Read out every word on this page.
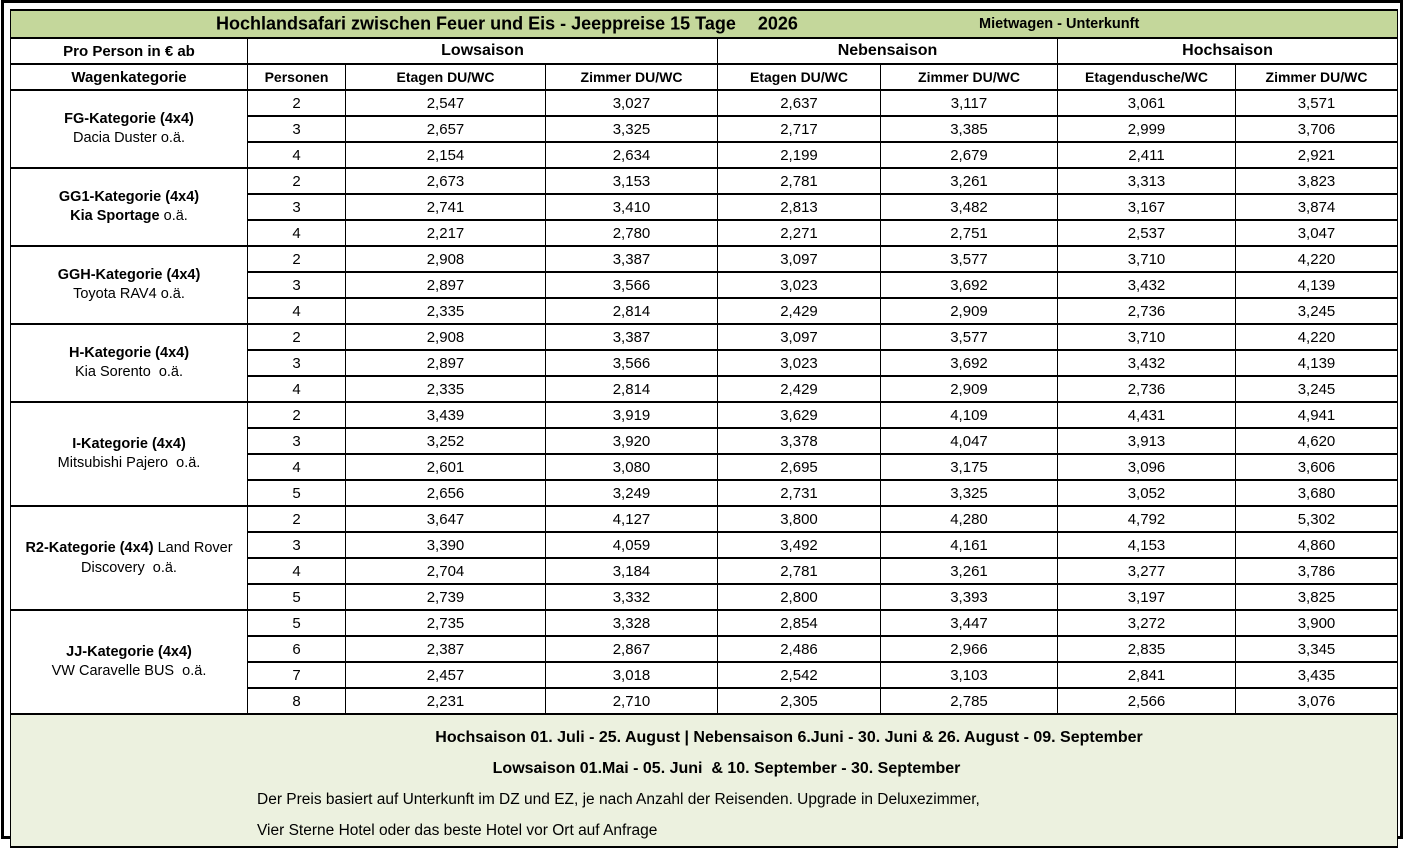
Hochlandsafari zwischen Feuer und Eis - Jeeppreise 15 Tage 2026 Mietwagen - Unterkunft							

Pro Person in € ab	Lowsaison			Nebensaison		Hochsaison	
Wagenkategorie	Personen	Etagen DU/WC	Zimmer DU/WC	Etagen DU/WC	Zimmer DU/WC	Etagendusche/WC	Zimmer DU/WC

FG-Kategorie (4x4)
Dacia Duster o.ä.	2	2,547	3,027	2,637	3,117	3,061	3,571
	3	2,657	3,325	2,717	3,385	2,999	3,706
	4	2,154	2,634	2,199	2,679	2,411	2,921

GG1-Kategorie (4x4)
Kia Sportage o.ä.	2	2,673	3,153	2,781	3,261	3,313	3,823
	3	2,741	3,410	2,813	3,482	3,167	3,874
	4	2,217	2,780	2,271	2,751	2,537	3,047

GGH-Kategorie (4x4)
Toyota RAV4 o.ä.	2	2,908	3,387	3,097	3,577	3,710	4,220
	3	2,897	3,566	3,023	3,692	3,432	4,139
	4	2,335	2,814	2,429	2,909	2,736	3,245

H-Kategorie (4x4)
Kia Sorento  o.ä.	2	2,908	3,387	3,097	3,577	3,710	4,220
	3	2,897	3,566	3,023	3,692	3,432	4,139
	4	2,335	2,814	2,429	2,909	2,736	3,245

I-Kategorie (4x4)
Mitsubishi Pajero  o.ä.	2	3,439	3,919	3,629	4,109	4,431	4,941
	3	3,252	3,920	3,378	4,047	3,913	4,620
	4	2,601	3,080	2,695	3,175	3,096	3,606
	5	2,656	3,249	2,731	3,325	3,052	3,680

R2-Kategorie (4x4) Land Rover Discovery  o.ä.	2	3,647	4,127	3,800	4,280	4,792	5,302
	3	3,390	4,059	3,492	4,161	4,153	4,860
	4	2,704	3,184	2,781	3,261	3,277	3,786
	5	2,739	3,332	2,800	3,393	3,197	3,825

JJ-Kategorie (4x4)
VW Caravelle BUS  o.ä.	5	2,735	3,328	2,854	3,447	3,272	3,900
	6	2,387	2,867	2,486	2,966	2,835	3,345
	7	2,457	3,018	2,542	3,103	2,841	3,435
	8	2,231	2,710	2,305	2,785	2,566	3,076

Hochsaison 01. Juli - 25. August | Nebensaison 6.Juni - 30. Juni & 26. August - 09. September
Lowsaison 01.Mai - 05. Juni  & 10. September - 30. September
Der Preis basiert auf Unterkunft im DZ und EZ, je nach Anzahl der Reisenden. Upgrade in Deluxezimmer,
Vier Sterne Hotel oder das beste Hotel vor Ort auf Anfrage							
